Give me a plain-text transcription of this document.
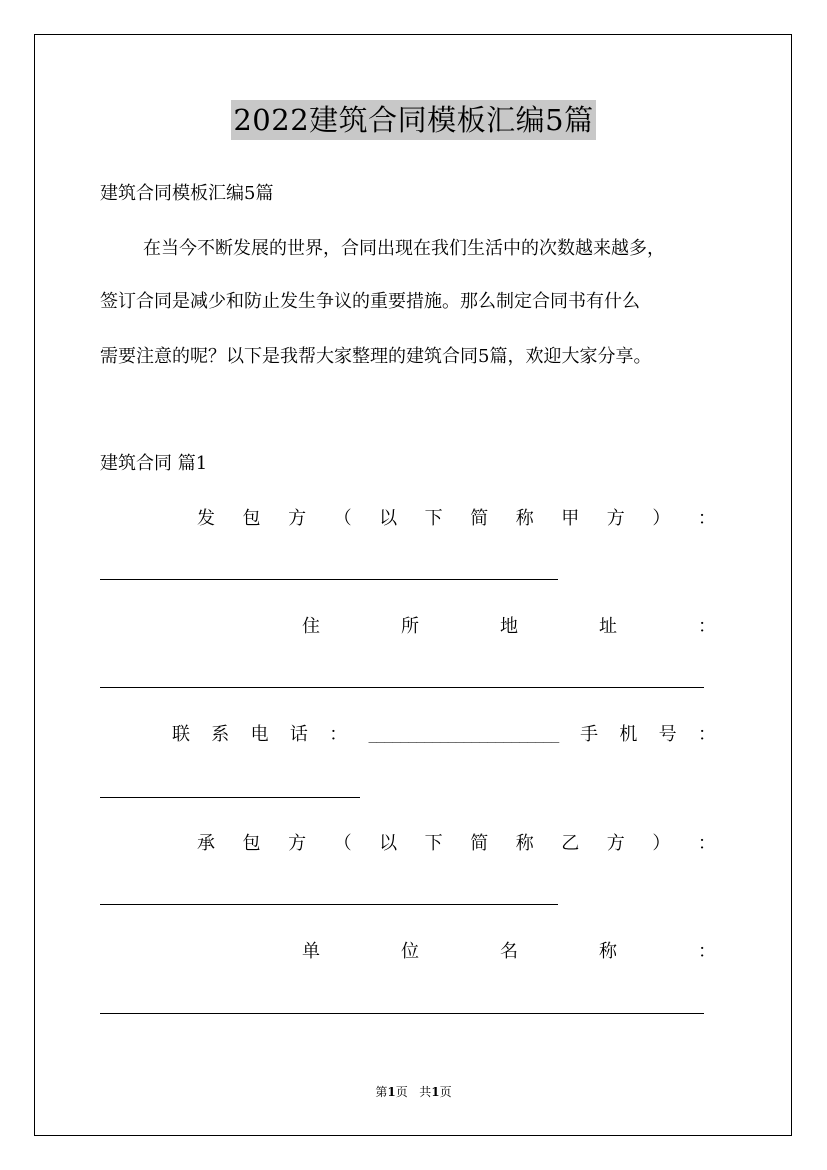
2022建筑合同模板汇编5篇
建筑合同模板汇编5篇
在当今不断发展的世界，合同出现在我们生活中的次数越来越多，
签订合同是减少和防止发生争议的重要措施。那么制定合同书有什么
需要注意的呢？以下是我帮大家整理的建筑合同5篇，欢迎大家分享。
建筑合同 篇1
发 包 方 （ 以 下 简 称 甲 方 ） ：
住	所	地	址	：
联 系 电 话 ： ________________________ 手 机 号 ：
承 包 方 （ 以 下 简 称 乙 方 ） ：
单	位	名	称	：
第1页 共1页
